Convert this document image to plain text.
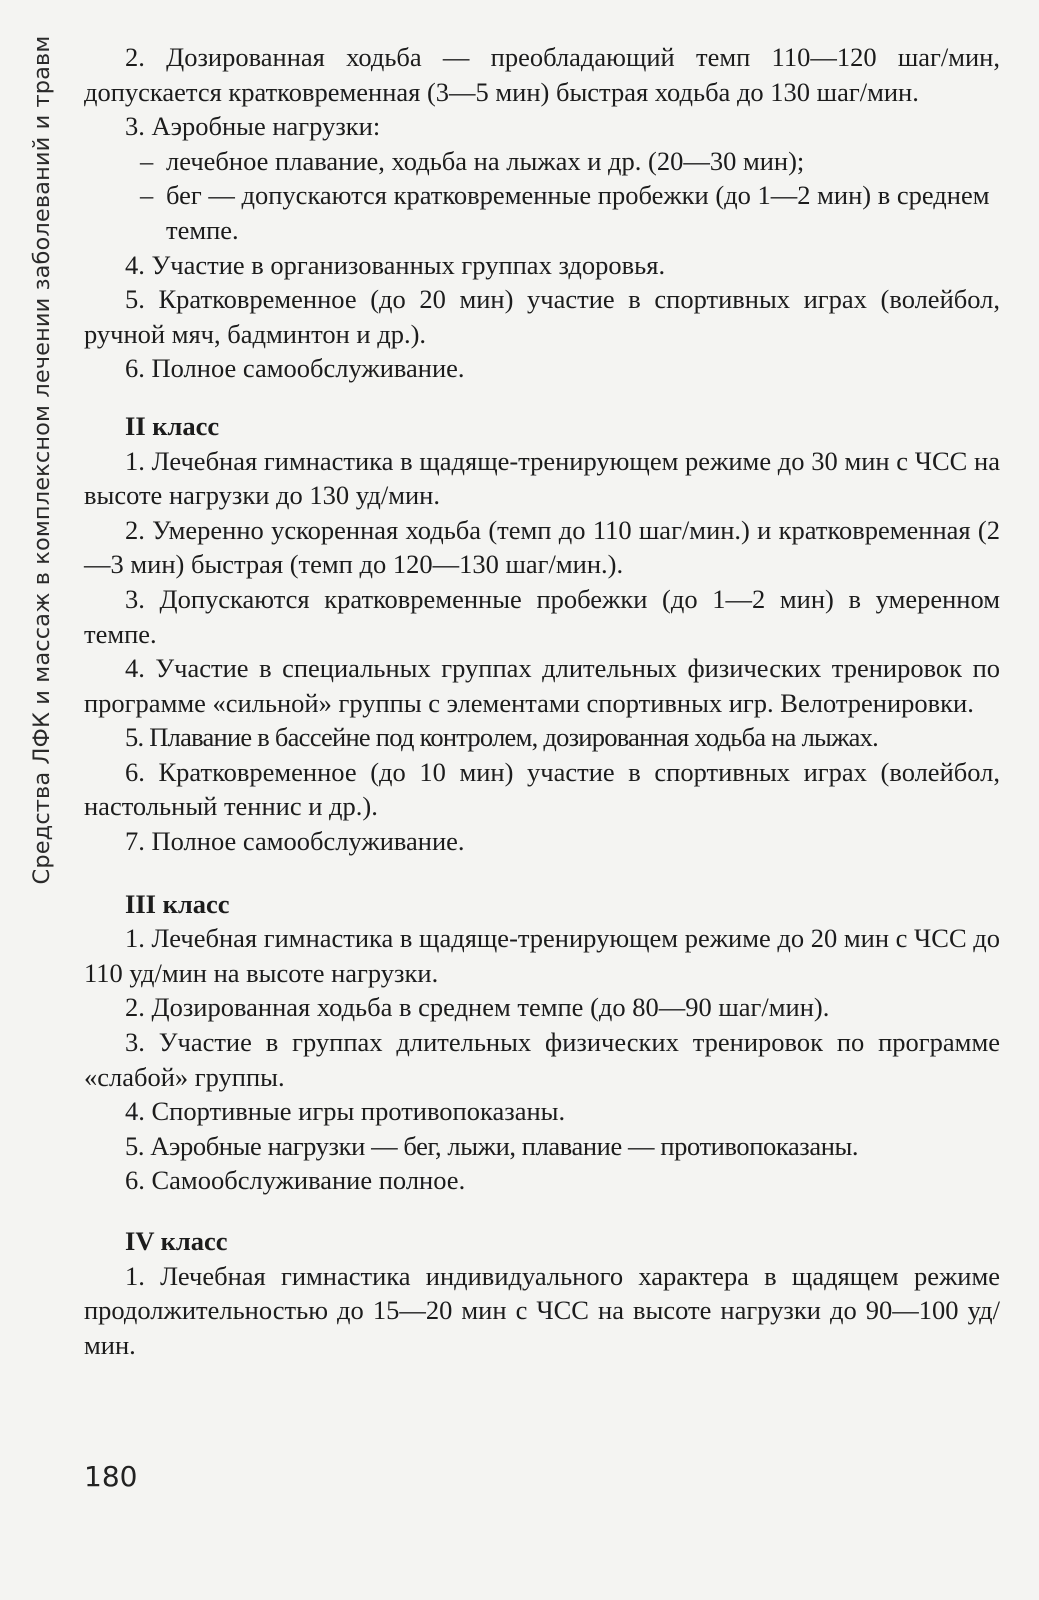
Средства ЛФК и массаж в комплексном лечении заболеваний и травм	2. Дозированная ходьба — преобладающий темп 110—120 шаг/мин, допускается кратковременная (3—5 мин) быстрая ходьба до 130 шаг/мин.

3. Аэробные нагрузки:

– лечебное плавание, ходьба на лыжах и др. (20—30 мин);

– бег — допускаются кратковременные пробежки (до 1—2 мин) в среднем темпе.

4. Участие в организованных группах здоровья.

5. Кратковременное (до 20 мин) участие в спортивных играх (волейбол, ручной мяч, бадминтон и др.).

6. Полное самообслуживание.

II класс

1. Лечебная гимнастика в щадяще-тренирующем режиме до 30 мин с ЧСС на высоте нагрузки до 130 уд/мин.

2. Умеренно ускоренная ходьба (темп до 110 шаг/мин.) и кратковременная (2—3 мин) быстрая (темп до 120—130 шаг/мин.).

3. Допускаются кратковременные пробежки (до 1—2 мин) в умеренном темпе.

4. Участие в специальных группах длительных физических тренировок по программе «сильной» группы с элементами спортивных игр. Велотренировки.

5. Плавание в бассейне под контролем, дозированная ходьба на лыжах.

6. Кратковременное (до 10 мин) участие в спортивных играх (волейбол, настольный теннис и др.).

7. Полное самообслуживание.

III класс

1. Лечебная гимнастика в щадяще-тренирующем режиме до 20 мин с ЧСС до 110 уд/мин на высоте нагрузки.

2. Дозированная ходьба в среднем темпе (до 80—90 шаг/мин).

3. Участие в группах длительных физических тренировок по программе «слабой» группы.

4. Спортивные игры противопоказаны.

5. Аэробные нагрузки — бег, лыжи, плавание — противопоказаны.

6. Самообслуживание полное.

IV класс

1. Лечебная гимнастика индивидуального характера в щадящем режиме продолжительностью до 15—20 мин с ЧСС на высоте нагрузки до 90—100 уд/мин.

180
